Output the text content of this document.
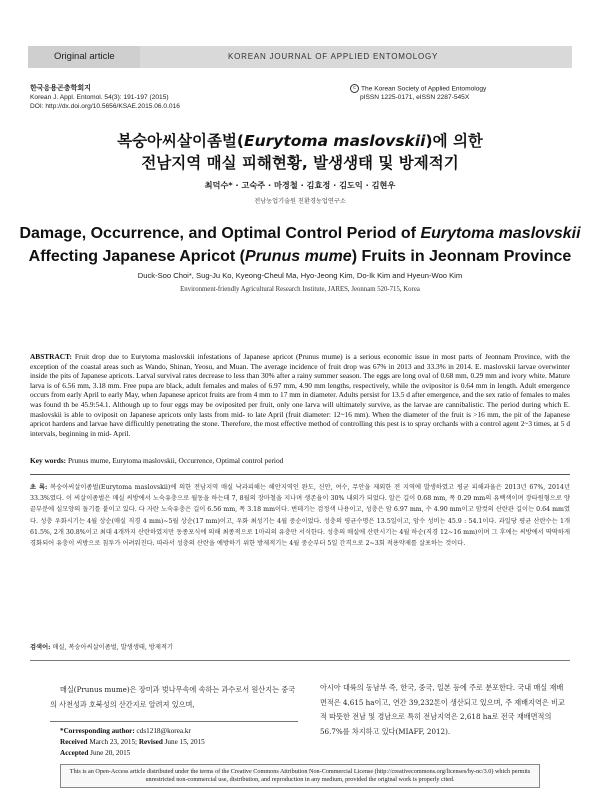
Original article	KOREAN JOURNAL OF APPLIED ENTOMOLOGY
한국응용곤충학회지
Korean J. Appl. Entomol. 54(3): 191-197 (2015)
DOI: http://dx.doi.org/10.5656/KSAE.2015.06.0.016
c The Korean Society of Applied Entomology
pISSN 1225-0171, eISSN 2287-545X
복숭아씨살이좀벌(Eurytoma maslovskii)에 의한
전남지역 매실 피해현황, 발생생태 및 방제적기
최덕수* · 고숙주 · 마경철 · 김효정 · 김도익 · 김현우
전남농업기술원 친환경농업연구소
Damage, Occurrence, and Optimal Control Period of Eurytoma maslovskii
Affecting Japanese Apricot (Prunus mume) Fruits in Jeonnam Province
Duck-Soo Choi*, Sug-Ju Ko, Kyeong-Cheul Ma, Hyo-Jeong Kim, Do-Ik Kim and Hyeun-Woo Kim
Environment-friendly Agricultural Research Institute, JARES, Jeonnam 520-715, Korea
ABSTRACT: Fruit drop due to Eurytoma maslovskii infestations of Japanese apricot (Prunus mume) is a serious economic issue in most parts of Jeonnam Province, with the exception of the coastal areas such as Wando, Shinan, Yeosu, and Muan. The average incidence of fruit drop was 67% in 2013 and 33.3% in 2014. E. maslovskii larvae overwinter inside the pits of Japanese apricots. Larval survival rates decrease to less than 30% after a rainy summer season. The eggs are long oval of 0.68 mm, 0.29 mm and ivory white. Mature larva is of 6.56 mm, 3.18 mm. Free pupa are black, adult females and males of 6.97 mm, 4.90 mm lengths, respectively, while the ovipositor is 0.64 mm in length. Adult emergence occurs from early April to early May, when Japanese apricot fruits are from 4 mm to 17 mm in diameter. Adults persist for 13.5 d after emergence, and the sex ratio of females to males was found th be 45.9:54.1. Although up to four eggs may be oviposited per fruit, only one larva will ultimately survive, as the larvae are cannibalistic. The period during which E. maslovskii is able to oviposit on Japanese apricots only lasts from mid- to late April (fruit diameter: 12~16 mm). When the diameter of the fruit is >16 mm, the pit of the Japanese apricot hardens and larvae have difficultly penetrating the stone. Therefore, the most effective method of controlling this pest is to spray orchards with a control agent 2~3 times, at 5 d intervals, beginning in mid- April.
Key words: Prunus mume, Eurytoma maslovskii, Occurrence, Optimal control period
초 록: 복숭아씨살이좀벌(Eurytoma maslovskii)에 의한 전남지역 매실 낙과피해는 해안지역인 완도, 신안, 여수, 무안을 제외한 전 지역에 발생하였고 평균 피해과율은 2013년 67%, 2014년 33.3%였다. 이 씨살이좀벌은 매실 씨방에서 노숙유충으로 월동을 하는데 7, 8월의 장마철을 지나며 생존율이 30% 내외가 되었다. 알은 길이 0.68 mm, 폭 0.29 mm의 유백색이며 장타원형으로 양 끝부분에 실모양의 돌기를 붙이고 있다. 다 자란 노숙유충은 길이 6.56 mm, 폭 3.18 mm이다. 번데기는 검정색 나용이고, 성충은 암 6.97 mm, 수 4.90 mm이고 암컷의 산란관 길이는 0.64 mm였다. 성충 우화시기는 4월 상순(매실 직경 4 mm)~5월 상순(17 mm)이고, 우화 최성기는 4월 중순이었다. 성충의 평균수명은 13.5일이고, 암수 성비는 45.9 : 54.1이다. 과일당 평균 산란수는 1개 61.5%, 2개 30.8%이고 최대 4개까지 산란하였지만 동종포식에 의해 최종적으로 1마리의 유충만 서식한다. 성충의 매실에 산란시기는 4월 하순(직경 12~16 mm)이며 그 후에는 씨방에서 딱딱하게 경화되어 유충이 씨방으로 침투가 어려워진다. 따라서 성충의 산란을 예방하기 위한 방제적기는 4월 중순부터 5일 간격으로 2~3회 적용약제를 살포하는 것이다.
검색어: 매실, 복숭아씨살이좀벌, 발생생태, 방제적기
매실(Prunus mume)은 장미과 벚나무속에 속하는 과수로서 원산지는 중국의 사천성과 호북성의 산간지로 알려져 있으며,
아시아 대륙의 동남부 즉, 한국, 중국, 일본 등에 주로 분포한다. 국내 매실 재배면적은 4,615 ha이고, 연간 39,232톤이 생산되고 있으며, 주 재배지역은 비교적 따뜻한 전남 및 경남으로 특히 전남지역은 2,618 ha로 전국 재배면적의 56.7%를 차지하고 있다(MIAFF, 2012).
*Corresponding author: cds1218@korea.kr
Received March 23, 2015; Revised June 15, 2015
Accepted June 20, 2015
This is an Open-Access article distributed under the terms of the Creative Commons Attribution Non-Commercial License (http://creativecommons.org/licenses/by-nc/3.0) which permits unrestricted non-commercial use, distribution, and reproduction in any medium, provided the original work is properly cited.
